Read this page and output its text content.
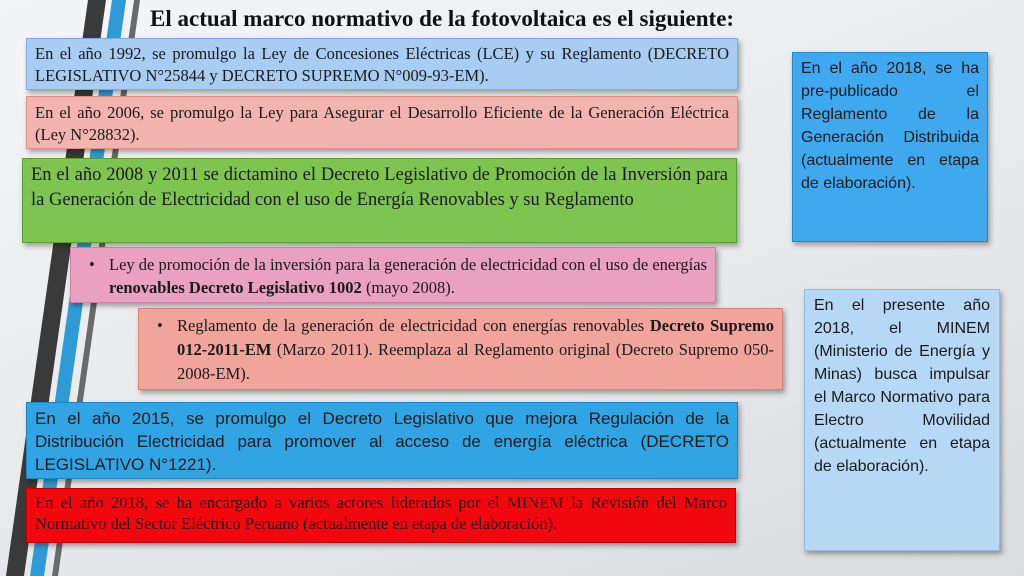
El actual marco normativo de la fotovoltaica es el siguiente:
En el año 1992, se promulgo la Ley de Concesiones Eléctricas (LCE) y su Reglamento (DECRETO LEGISLATIVO N°25844 y DECRETO SUPREMO N°009-93-EM).
En el año 2006, se promulgo la Ley para Asegurar el Desarrollo Eficiente de la Generación Eléctrica (Ley N°28832).
En el año 2008 y 2011 se dictamino el Decreto Legislativo de Promoción de la Inversión para la Generación de Electricidad con el uso de Energía Renovables y su Reglamento
• Ley de promoción de la inversión para la generación de electricidad con el uso de energías renovables Decreto Legislativo 1002 (mayo 2008).
• Reglamento de la generación de electricidad con energías renovables Decreto Supremo 012-2011-EM (Marzo 2011). Reemplaza al Reglamento original (Decreto Supremo 050-2008-EM).
En el año 2015, se promulgo el Decreto Legislativo que mejora Regulación de la Distribución Electricidad para promover al acceso de energía eléctrica (DECRETO LEGISLATIVO N°1221).
En el año 2018, se ha encargado a varios actores liderados por el MINEM la Revisión del Marco Normativo del Sector Eléctrico Peruano (actualmente en etapa de elaboración).
En el año 2018, se ha pre-publicado el Reglamento de la Generación Distribuida (actualmente en etapa de elaboración).
En el presente año 2018, el MINEM (Ministerio de Energía y Minas) busca impulsar el Marco Normativo para Electro Movilidad (actualmente en etapa de elaboración).
